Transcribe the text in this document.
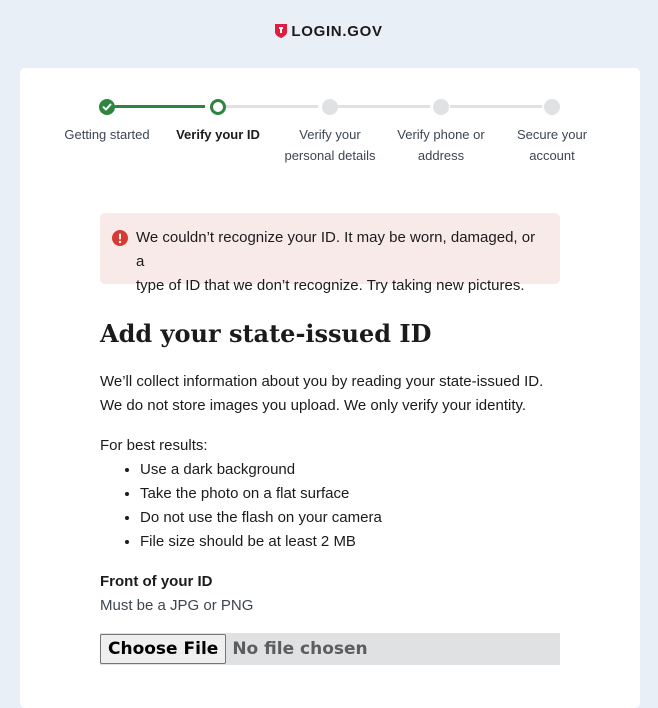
LOGIN.GOV
Getting started	Verify your ID	Verify your
personal details
Verify phone or
address
Secure your
account
We couldn’t recognize your ID. It may be worn, damaged, or a
type of ID that we don’t recognize. Try taking new pictures.
Add your state-issued ID

We’ll collect information about you by reading your state-issued ID.
We do not store images you upload. We only verify your identity.

For best results:
• Use a dark background
• Take the photo on a flat surface
• Do not use the flash on your camera
• File size should be at least 2 MB
Front of your ID
Must be a JPG or PNG
Choose File No file chosen
